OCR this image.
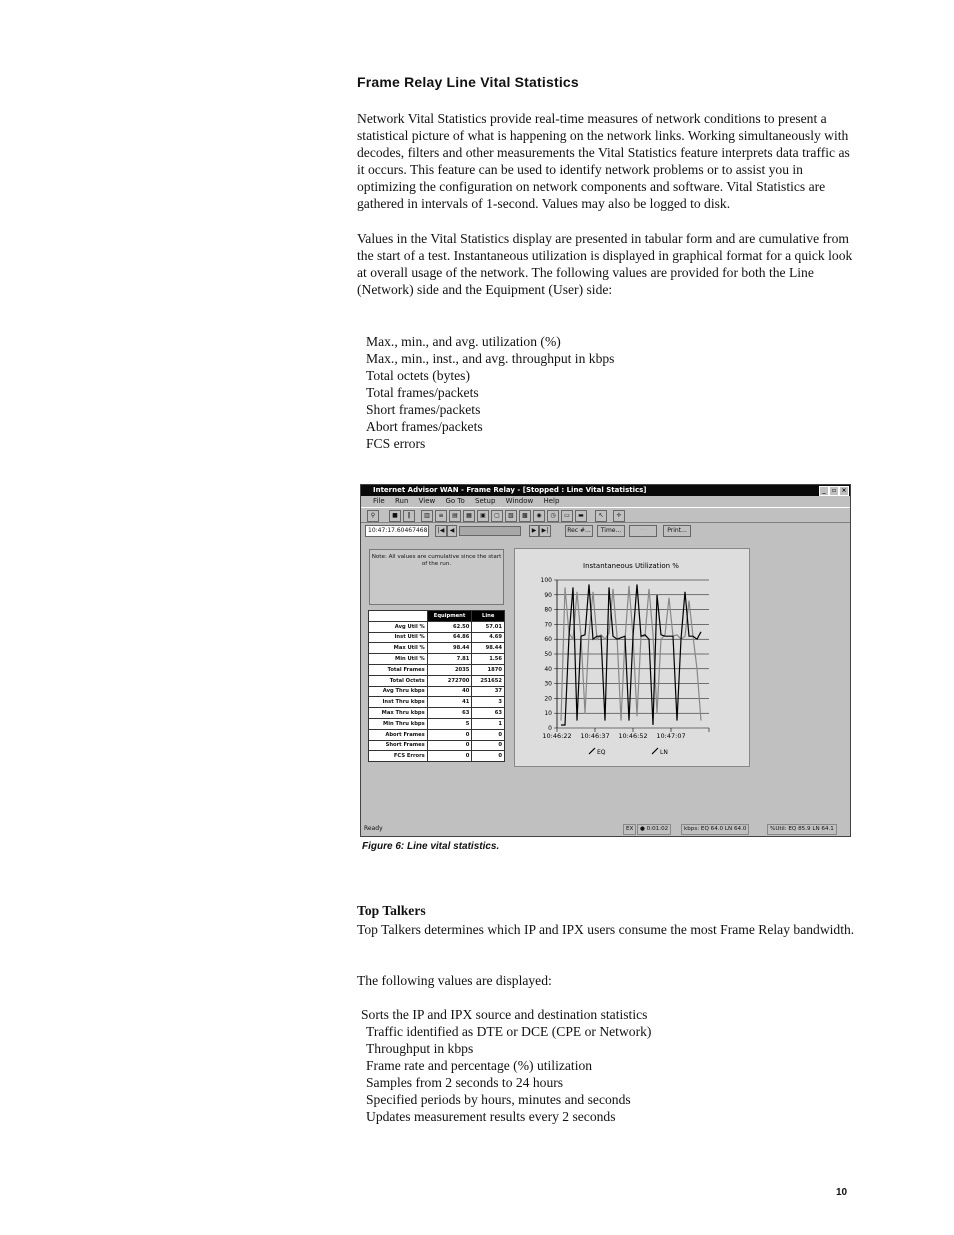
Frame Relay Line Vital Statistics

Network Vital Statistics provide real-time measures of network conditions to present a statistical picture of what is happening on the network links. Working simultaneously with decodes, filters and other measurements the Vital Statistics feature interprets data traffic as it occurs. This feature can be used to identify network problems or to assist you in optimizing the configuration on network components and software. Vital Statistics are gathered in intervals of 1-second. Values may also be logged to disk.

Values in the Vital Statistics display are presented in tabular form and are cumulative from the start of a test. Instantaneous utilization is displayed in graphical format for a quick look at overall usage of the network. The following values are provided for both the Line (Network) side and the Equipment (User) side:

Max., min., and avg. utilization (%)
Max., min., inst., and avg. throughput in kbps
Total octets (bytes)
Total frames/packets
Short frames/packets
Abort frames/packets
FCS errors
Internet Advisor WAN - Frame Relay - [Stopped : Line Vital Statistics]	_	▫ ×
File Run View Go To Setup Window Help
⚲	■	‖	▥	≡	▤	▦	▣	▢	▧	▩	◉	◷	▭	▬	↖	✛
10:47:17.60467468	|◀ ◀	▶ ▶|	Rec #...	Time...	···	Print...
Note: All values are cumulative since the start of the run.
	Equipment	Line
Avg Util %	62.50	57.01
Inst Util %	64.86	4.69
Max Util %	98.44	98.44
Min Util %	7.81	1.56
Total Frames	2035	1870
Total Octets	272700	251652
Avg Thru kbps	40	37
Inst Thru kbps	41	3
Max Thru kbps	63	63
Min Thru kbps	5	1
Abort Frames	0	0
Short Frames	0	0
FCS Errors	0	0
Instantaneous Utilization %
0
10
20
30
40
50
60
70
80
90
100
10:46:22 10:46:37 10:46:52 10:47:07
EQ	LN
Ready	EX	● 0:01:02	kbps: EQ 64.0 LN 64.0	%Util: EQ 85.9 LN 64.1
Figure 6: Line vital statistics.
Top Talkers

Top Talkers determines which IP and IPX users consume the most Frame Relay bandwidth.

The following values are displayed:

Sorts the IP and IPX source and destination statistics
Traffic identified as DTE or DCE (CPE or Network)
Throughput in kbps
Frame rate and percentage (%) utilization
Samples from 2 seconds to 24 hours
Specified periods by hours, minutes and seconds
Updates measurement results every 2 seconds
10
